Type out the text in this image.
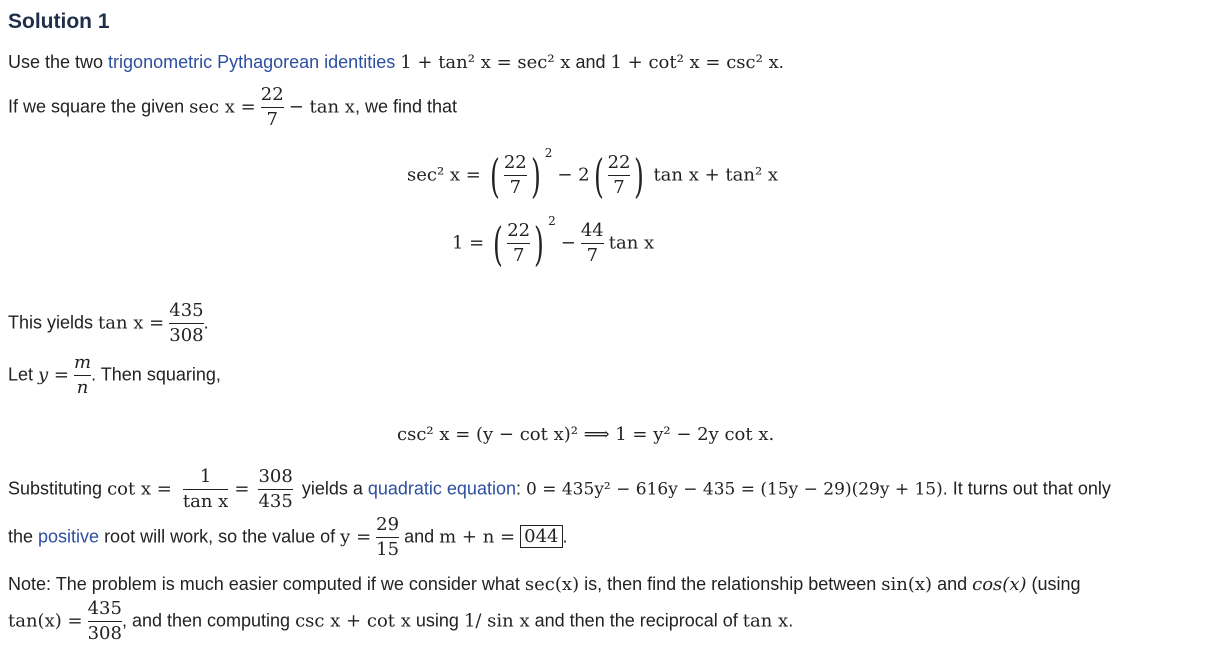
Solution 1
Use the two trigonometric Pythagorean identities 1 + tan² x = sec² x and 1 + cot² x = csc² x.
If we square the given $\sec x = \frac{22}{7} - \tan x$, we find that
sec² x = ( $\frac{22}{7}$ ) $^2 - 2( \frac{22}{7}$ ) tan x + tan² x
1 = ( $\frac{22}{7}$ ) $^2 - \frac{44}{7}$ tan x
This yields $\tan x = \frac{435}{308}$ .
Let $y = \frac{m}{n}$ . Then squaring,
csc² x = (y − cot x)² ⟹ 1 = y² − 2y cot x.
Substituting $\cot x = \frac{1}{\text{tan x}} = \frac{308}{435}$ yields a quadratic equation: 0 = 435y² − 616y − 435 = (15y − 29)(29y + 15). It turns out that only
the positive root will work, so the value of $y = \frac{29}{15}$ and m + n = 044 .
Note: The problem is much easier computed if we consider what sec(x) is, then find the relationship between sin(x) and cos(x) (using
$\tan(x) = \frac{435}{308}$ , and then computing csc x + cot x using 1/ sin x and then the reciprocal of tan x.
